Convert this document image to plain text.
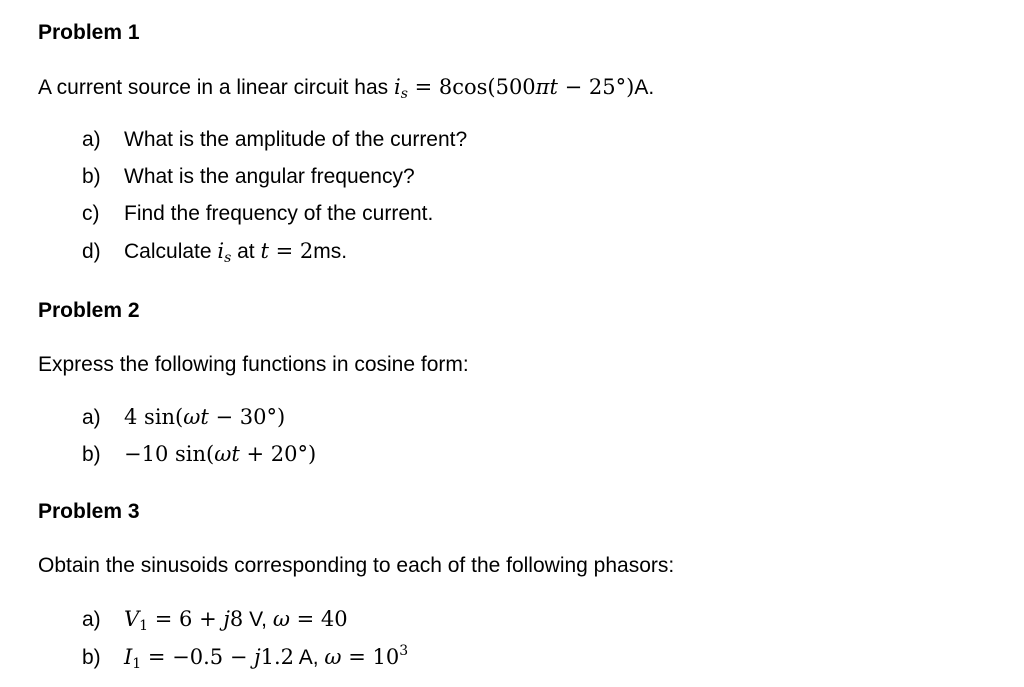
Problem 1
A current source in a linear circuit has $i_s = 8\cos(500\pi t - 25^\circ)A$.
a) What is the amplitude of the current?
b) What is the angular frequency?
c) Find the frequency of the current.
d) Calculate $i_s$ at t = 2ms.
Problem 2
Express the following functions in cosine form:
a) 4 sin(ωt − 30°)
b) −10 sin(ωt + 20°)
Problem 3
Obtain the sinusoids corresponding to each of the following phasors:
a) $V_1 = 6 + j8$ V, ω = 40
b) $I_1 = -0.5 - j1.2$ A, $\omega = 10^3$
